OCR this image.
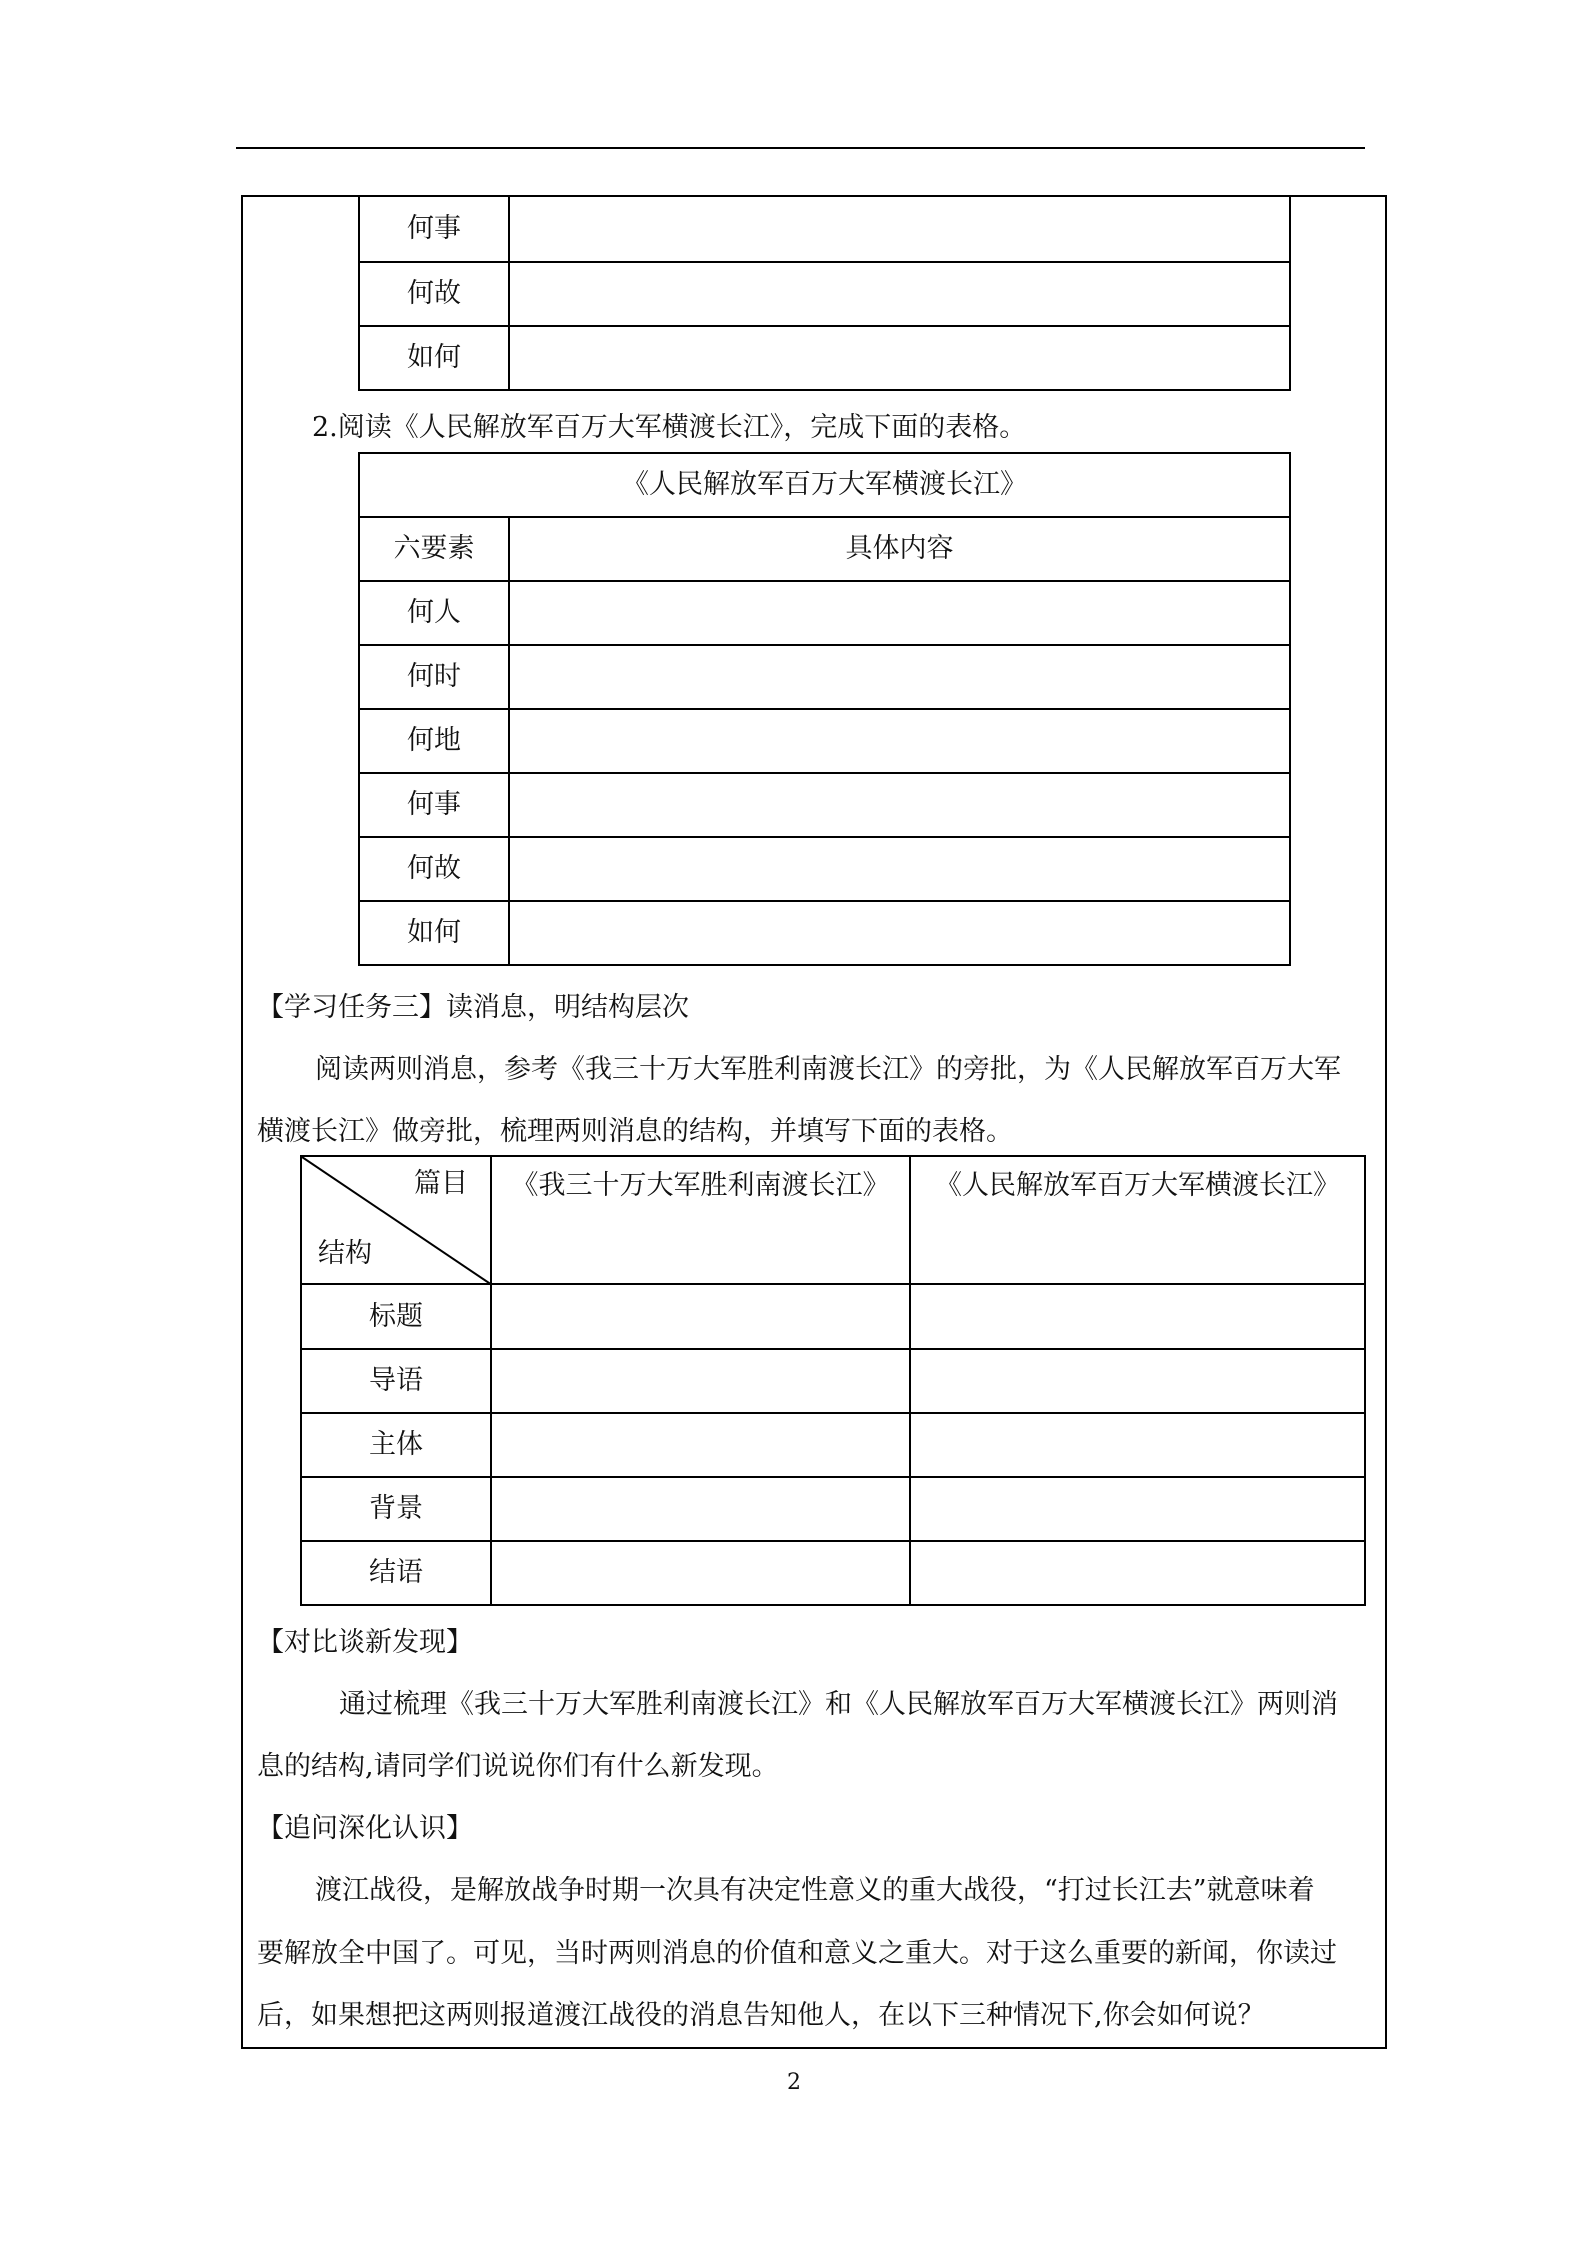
何事	
何故	
如何	
2.阅读《人民解放军百万大军横渡长江》，完成下面的表格。
《人民解放军百万大军横渡长江》	
六要素	具体内容
何人	
何时	
何地	
何事	
何故	
如何	
【学习任务三】读消息，明结构层次
阅读两则消息，参考《我三十万大军胜利南渡长江》的旁批，为《人民解放军百万大军
横渡长江》做旁批，梳理两则消息的结构，并填写下面的表格。
篇目
结构	《我三十万大军胜利南渡长江》	《人民解放军百万大军横渡长江》
标题		
导语		
主体		
背景		
结语		
【对比谈新发现】
通过梳理《我三十万大军胜利南渡长江》和《人民解放军百万大军横渡长江》两则消
息的结构,请同学们说说你们有什么新发现。
【追问深化认识】
渡江战役，是解放战争时期一次具有决定性意义的重大战役，“打过长江去”就意味着
要解放全中国了。可见，当时两则消息的价值和意义之重大。对于这么重要的新闻，你读过
后，如果想把这两则报道渡江战役的消息告知他人，在以下三种情况下,你会如何说？
2
